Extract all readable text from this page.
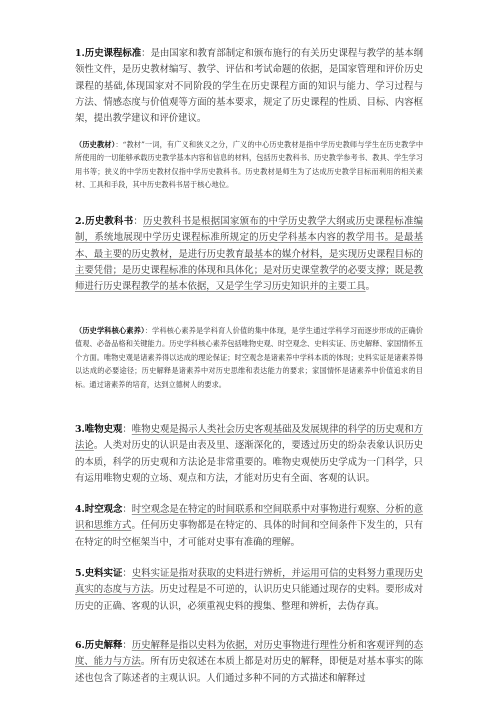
1.历史课程标准：是由国家和教育部制定和颁布施行的有关历史课程与教学的基本纲领性文件，是历史教材编写、教学、评估和考试命题的依据，是国家管理和评价历史课程的基础,体现国家对不同阶段的学生在历史课程方面的知识与能力、学习过程与方法、情感态度与价值观等方面的基本要求，规定了历史课程的性质、目标、内容框架，提出教学建议和评价建议。

（历史教材）：“教材”一词，有广义和狭义之分，广义的中心历史教材是指中学历史教师与学生在历史教学中所使用的一切能够承载历史教学基本内容和信息的材料，包括历史教科书、历史教学参考书、教具、学生学习用书等；狭义的中学历史教材仅指中学历史教科书。历史教材是师生为了达成历史教学目标而利用的相关素材、工具和手段，其中历史教科书居于核心地位。

2.历史教科书：历史教科书是根据国家颁布的中学历史教学大纲或历史课程标准编制，系统地展现中学历史课程标准所规定的历史学科基本内容的教学用书。是最基本、最主要的历史教材，是进行历史教育最基本的媒介材料，是实现历史课程目标的主要凭借；是历史课程标准的体现和具体化；是对历史课堂教学的必要支撑；既是教师进行历史课程教学的基本依据，又是学生学习历史知识并的主要工具。

（历史学科核心素养）：学科核心素养是学科育人价值的集中体现，是学生通过学科学习而逐步形成的正确价值观、必备品格和关键能力。历史学科核心素养包括唯物史观、时空观念、史料实证、历史解释、家国情怀五个方面。唯物史观是诸素养得以达成的理论保证；时空观念是诸素养中学科本质的体现；史料实证是诸素养得以达成的必要途径；历史解释是诸素养中对历史思维和表达能力的要求；家国情怀是诸素养中价值追求的目标。通过诸素养的培育，达到立德树人的要求。

3.唯物史观：唯物史观是揭示人类社会历史客观基础及发展规律的科学的历史观和方法论。人类对历史的认识是由表及里、逐渐深化的，要透过历史的纷杂表象认识历史的本质，科学的历史观和方法论是非常重要的。唯物史观使历史学成为一门科学，只有运用唯物史观的立场、观点和方法，才能对历史有全面、客观的认识。

4.时空观念：时空观念是在特定的时间联系和空间联系中对事物进行观察、分析的意识和思维方式。任何历史事物都是在特定的、具体的时间和空间条件下发生的，只有在特定的时空框架当中，才可能对史事有准确的理解。

5.史料实证：史料实证是指对获取的史料进行辨析，并运用可信的史料努力重现历史真实的态度与方法。历史过程是不可逆的，认识历史只能通过现存的史料。要形成对历史的正确、客观的认识，必须重视史料的搜集、整理和辨析，去伪存真。

6.历史解释：历史解释是指以史料为依据，对历史事物进行理性分析和客观评判的态度、能力与方法。所有历史叙述在本质上都是对历史的解释，即便是对基本事实的陈述也包含了陈述者的主观认识。人们通过多种不同的方式描述和解释过
